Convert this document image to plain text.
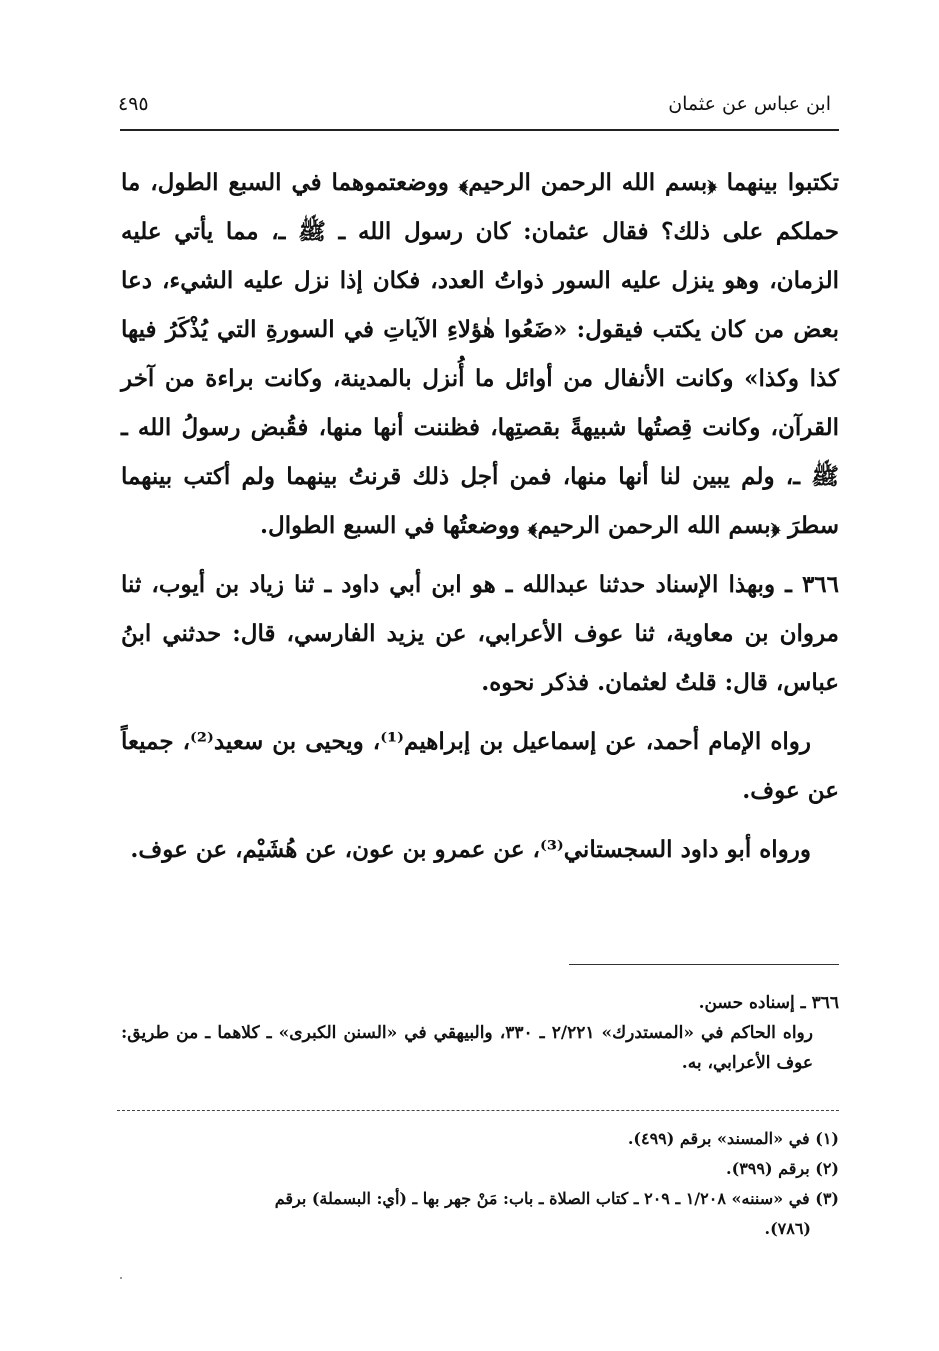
ابن عباس عن عثمان
٤٩٥

تكتبوا بينهما ﴿بسم الله الرحمن الرحيم﴾ ووضعتموهما في السبع الطول، ما حملكم على ذلك؟ فقال عثمان: كان رسول الله ـ ﷺ ـ، مما يأتي عليه الزمان، وهو ينزل عليه السور ذواتُ العدد، فكان إذا نزل عليه الشيء، دعا بعض من كان يكتب فيقول: «ضَعُوا هٰؤلاءِ الآياتِ في السورةِ التي يُذْكَرُ فيها كذا وكذا» وكانت الأنفال من أوائل ما أُنزل بالمدينة، وكانت براءة من آخر القرآن، وكانت قِصتُها شبيهةً بقصتِها، فظننت أنها منها، فقُبض رسولُ الله ـ ﷺ ـ، ولم يبين لنا أنها منها، فمن أجل ذلك قرنتُ بينهما ولم أكتب بينهما سطرَ ﴿بسم الله الرحمن الرحيم﴾ ووضعتُها في السبع الطوال.

٣٦٦ ـ وبهذا الإسناد حدثنا عبدالله ـ هو ابن أبي داود ـ ثنا زياد بن أيوب، ثنا مروان بن معاوية، ثنا عوف الأعرابي، عن يزيد الفارسي، قال: حدثني ابنُ عباس، قال: قلتُ لعثمان. فذكر نحوه.

رواه الإمام أحمد، عن إسماعيل بن إبراهيم⁽¹⁾، ويحيى بن سعيد⁽²⁾، جميعاً عن عوف.

ورواه أبو داود السجستاني⁽³⁾، عن عمرو بن عون، عن هُشَيْم، عن عوف.

٣٦٦ ـ إسناده حسن.

رواه الحاكم في «المستدرك» ٢/٢٢١ ـ ٣٣٠، والبيهقي في «السنن الكبرى» ـ كلاهما ـ من طريق: عوف الأعرابي، به.

(١) في «المسند» برقم (٤٩٩).

(٢) برقم (٣٩٩).

(٣) في «سننه» ١/٢٠٨ ـ ٢٠٩ ـ كتاب الصلاة ـ باب: مَنْ جهر بها ـ (أي: البسملة) برقم

(٧٨٦).
